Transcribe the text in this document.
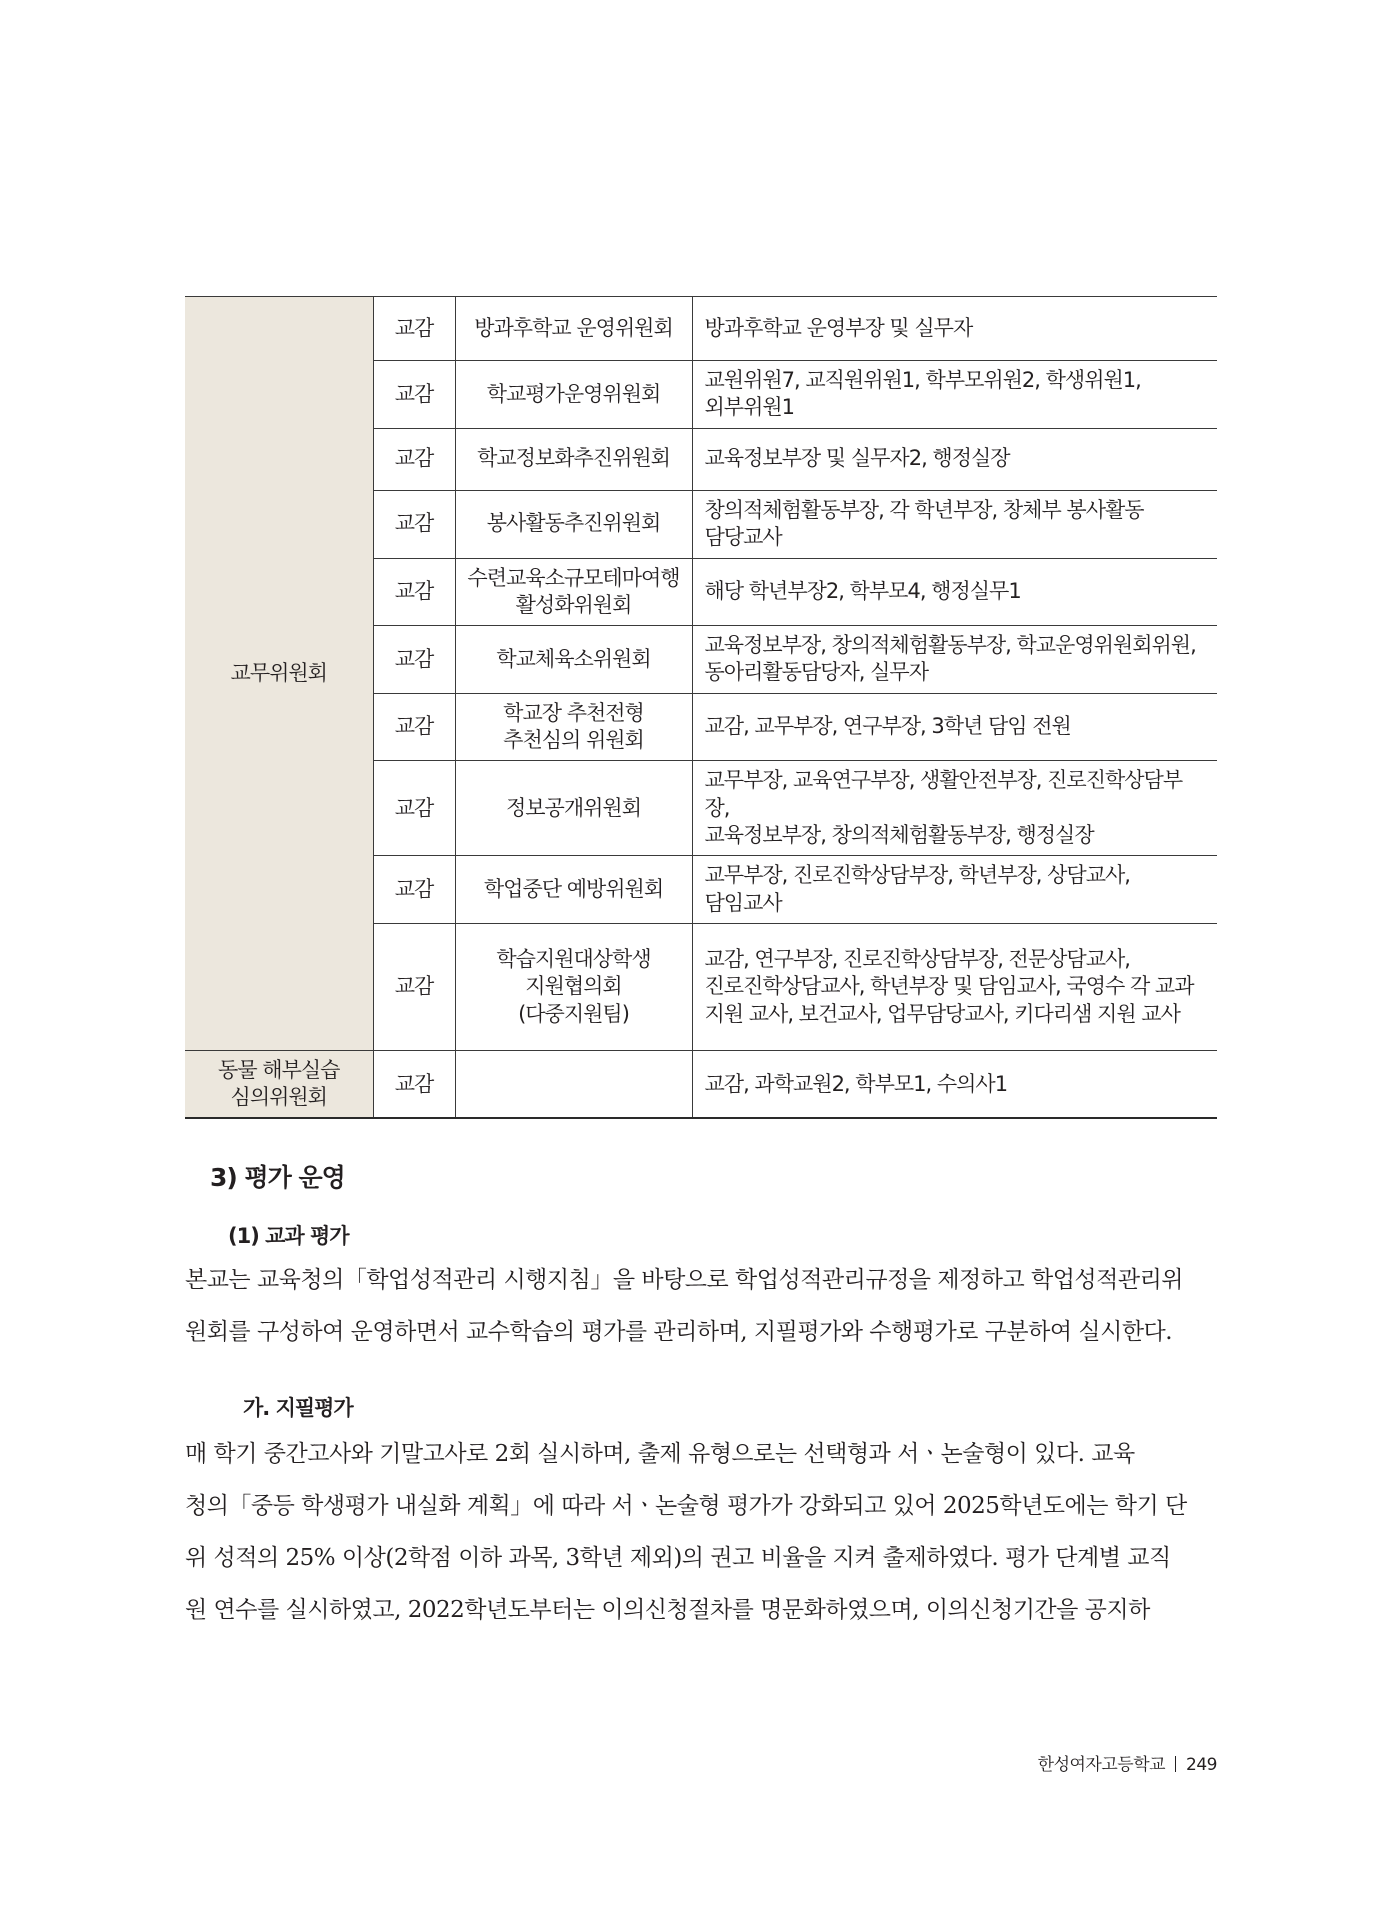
교무위원회	교감	방과후학교 운영위원회	방과후학교 운영부장 및 실무자
	교감	학교평가운영위원회	교원위원7, 교직원위원1, 학부모위원2, 학생위원1,
외부위원1
	교감	학교정보화추진위원회	교육정보부장 및 실무자2, 행정실장
	교감	봉사활동추진위원회	창의적체험활동부장, 각 학년부장, 창체부 봉사활동
담당교사
	교감	수련교육소규모테마여행
활성화위원회	해당 학년부장2, 학부모4, 행정실무1
	교감	학교체육소위원회	교육정보부장, 창의적체험활동부장, 학교운영위원회위원,
동아리활동담당자, 실무자
	교감	학교장 추천전형
추천심의 위원회	교감, 교무부장, 연구부장, 3학년 담임 전원
	교감	정보공개위원회	교무부장, 교육연구부장, 생활안전부장, 진로진학상담부장,
교육정보부장, 창의적체험활동부장, 행정실장
	교감	학업중단 예방위원회	교무부장, 진로진학상담부장, 학년부장, 상담교사,
담임교사
	교감	학습지원대상학생
지원협의회
(다중지원팀)	교감, 연구부장, 진로진학상담부장, 전문상담교사,
진로진학상담교사, 학년부장 및 담임교사, 국영수 각 교과
지원 교사, 보건교사, 업무담당교사, 키다리샘 지원 교사
동물 해부실습
심의위원회	교감		교감, 과학교원2, 학부모1, 수의사1
3) 평가 운영
(1) 교과 평가

본교는 교육청의「학업성적관리 시행지침」을 바탕으로 학업성적관리규정을 제정하고 학업성적관리위
원회를 구성하여 운영하면서 교수학습의 평가를 관리하며, 지필평가와 수행평가로 구분하여 실시한다.

가. 지필평가

매 학기 중간고사와 기말고사로 2회 실시하며, 출제 유형으로는 선택형과 서ㆍ논술형이 있다. 교육
청의「중등 학생평가 내실화 계획」에 따라 서ㆍ논술형 평가가 강화되고 있어 2025학년도에는 학기 단
위 성적의 25% 이상(2학점 이하 과목, 3학년 제외)의 권고 비율을 지켜 출제하였다. 평가 단계별 교직
원 연수를 실시하였고, 2022학년도부터는 이의신청절차를 명문화하였으며, 이의신청기간을 공지하

한성여자고등학교 249
